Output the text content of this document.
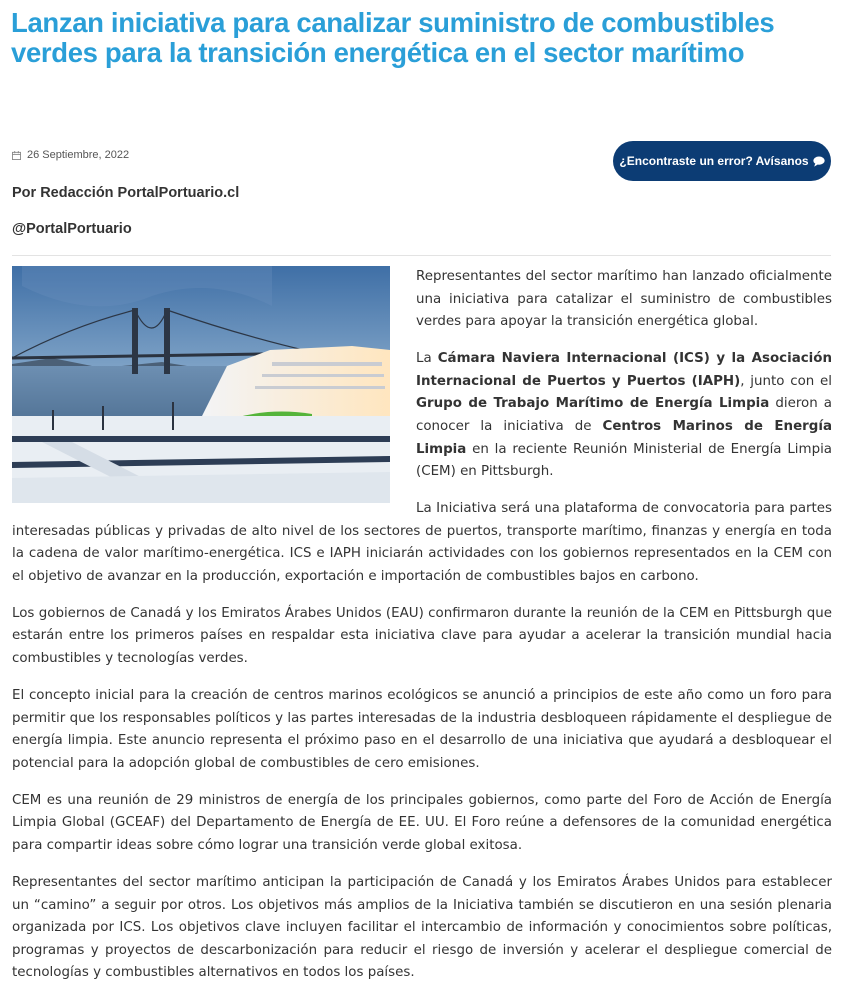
Lanzan iniciativa para canalizar suministro de combustibles verdes para la transición energética en el sector marítimo
26 Septiembre, 2022	¿Encontraste un error? Avísanos
Por Redacción PortalPortuario.cl
@PortalPortuario

Representantes del sector marítimo han lanzado oficialmente una iniciativa para catalizar el suministro de combustibles verdes para apoyar la transición energética global.

La Cámara Naviera Internacional (ICS) y la Asociación Internacional de Puertos y Puertos (IAPH), junto con el Grupo de Trabajo Marítimo de Energía Limpia dieron a conocer la iniciativa de Centros Marinos de Energía Limpia en la reciente Reunión Ministerial de Energía Limpia (CEM) en Pittsburgh.

La Iniciativa será una plataforma de convocatoria para partes interesadas públicas y privadas de alto nivel de los sectores de puertos, transporte marítimo, finanzas y energía en toda la cadena de valor marítimo-energética. ICS e IAPH iniciarán actividades con los gobiernos representados en la CEM con el objetivo de avanzar en la producción, exportación e importación de combustibles bajos en carbono.

Los gobiernos de Canadá y los Emiratos Árabes Unidos (EAU) confirmaron durante la reunión de la CEM en Pittsburgh que estarán entre los primeros países en respaldar esta iniciativa clave para ayudar a acelerar la transición mundial hacia combustibles y tecnologías verdes.

El concepto inicial para la creación de centros marinos ecológicos se anunció a principios de este año como un foro para permitir que los responsables políticos y las partes interesadas de la industria desbloqueen rápidamente el despliegue de energía limpia. Este anuncio representa el próximo paso en el desarrollo de una iniciativa que ayudará a desbloquear el potencial para la adopción global de combustibles de cero emisiones.

CEM es una reunión de 29 ministros de energía de los principales gobiernos, como parte del Foro de Acción de Energía Limpia Global (GCEAF) del Departamento de Energía de EE. UU. El Foro reúne a defensores de la comunidad energética para compartir ideas sobre cómo lograr una transición verde global exitosa.

Representantes del sector marítimo anticipan la participación de Canadá y los Emiratos Árabes Unidos para establecer un “camino” a seguir por otros. Los objetivos más amplios de la Iniciativa también se discutieron en una sesión plenaria organizada por ICS. Los objetivos clave incluyen facilitar el intercambio de información y conocimientos sobre políticas, programas y proyectos de descarbonización para reducir el riesgo de inversión y acelerar el despliegue comercial de tecnologías y combustibles alternativos en todos los países.
